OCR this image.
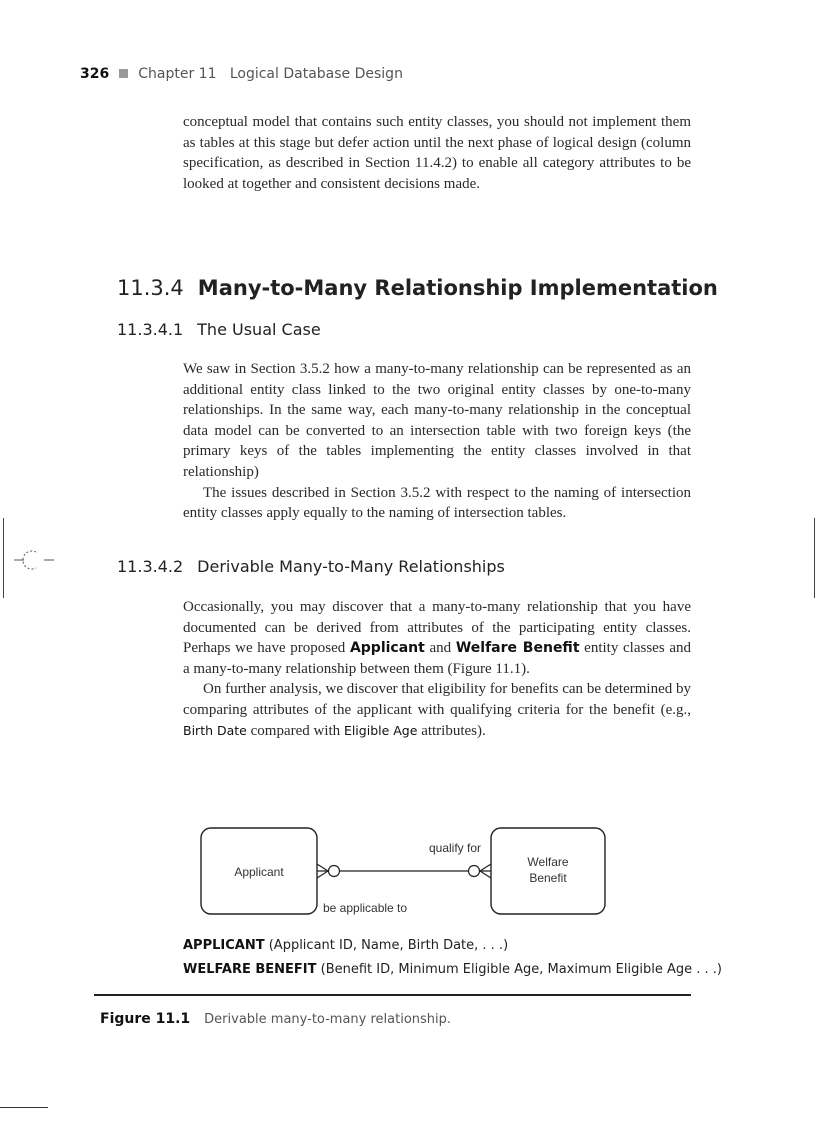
326 Chapter 11 Logical Database Design

conceptual model that contains such entity classes, you should not implement them as tables at this stage but defer action until the next phase of logical design (column specification, as described in Section 11.4.2) to enable all category attributes to be looked at together and consistent decisions made.

11.3.4 Many-to-Many Relationship Implementation
11.3.4.1 The Usual Case

We saw in Section 3.5.2 how a many-to-many relationship can be represented as an additional entity class linked to the two original entity classes by one-to-many relationships. In the same way, each many-to-many relationship in the conceptual data model can be converted to an intersection table with two foreign keys (the primary keys of the tables implementing the entity classes involved in that relationship)

The issues described in Section 3.5.2 with respect to the naming of intersection entity classes apply equally to the naming of intersection tables.

11.3.4.2 Derivable Many-to-Many Relationships

Occasionally, you may discover that a many-to-many relationship that you have documented can be derived from attributes of the participating entity classes. Perhaps we have proposed Applicant and Welfare Benefit entity classes and a many-to-many relationship between them (Figure 11.1).

On further analysis, we discover that eligibility for benefits can be determined by comparing attributes of the applicant with qualifying criteria for the benefit (e.g., Birth Date compared with Eligible Age attributes).

Applicant
Welfare
Benefit
qualify for
be applicable to
APPLICANT (Applicant ID, Name, Birth Date, . . .)
WELFARE BENEFIT (Benefit ID, Minimum Eligible Age, Maximum Eligible Age . . .)
Figure 11.1 Derivable many-to-many relationship.
